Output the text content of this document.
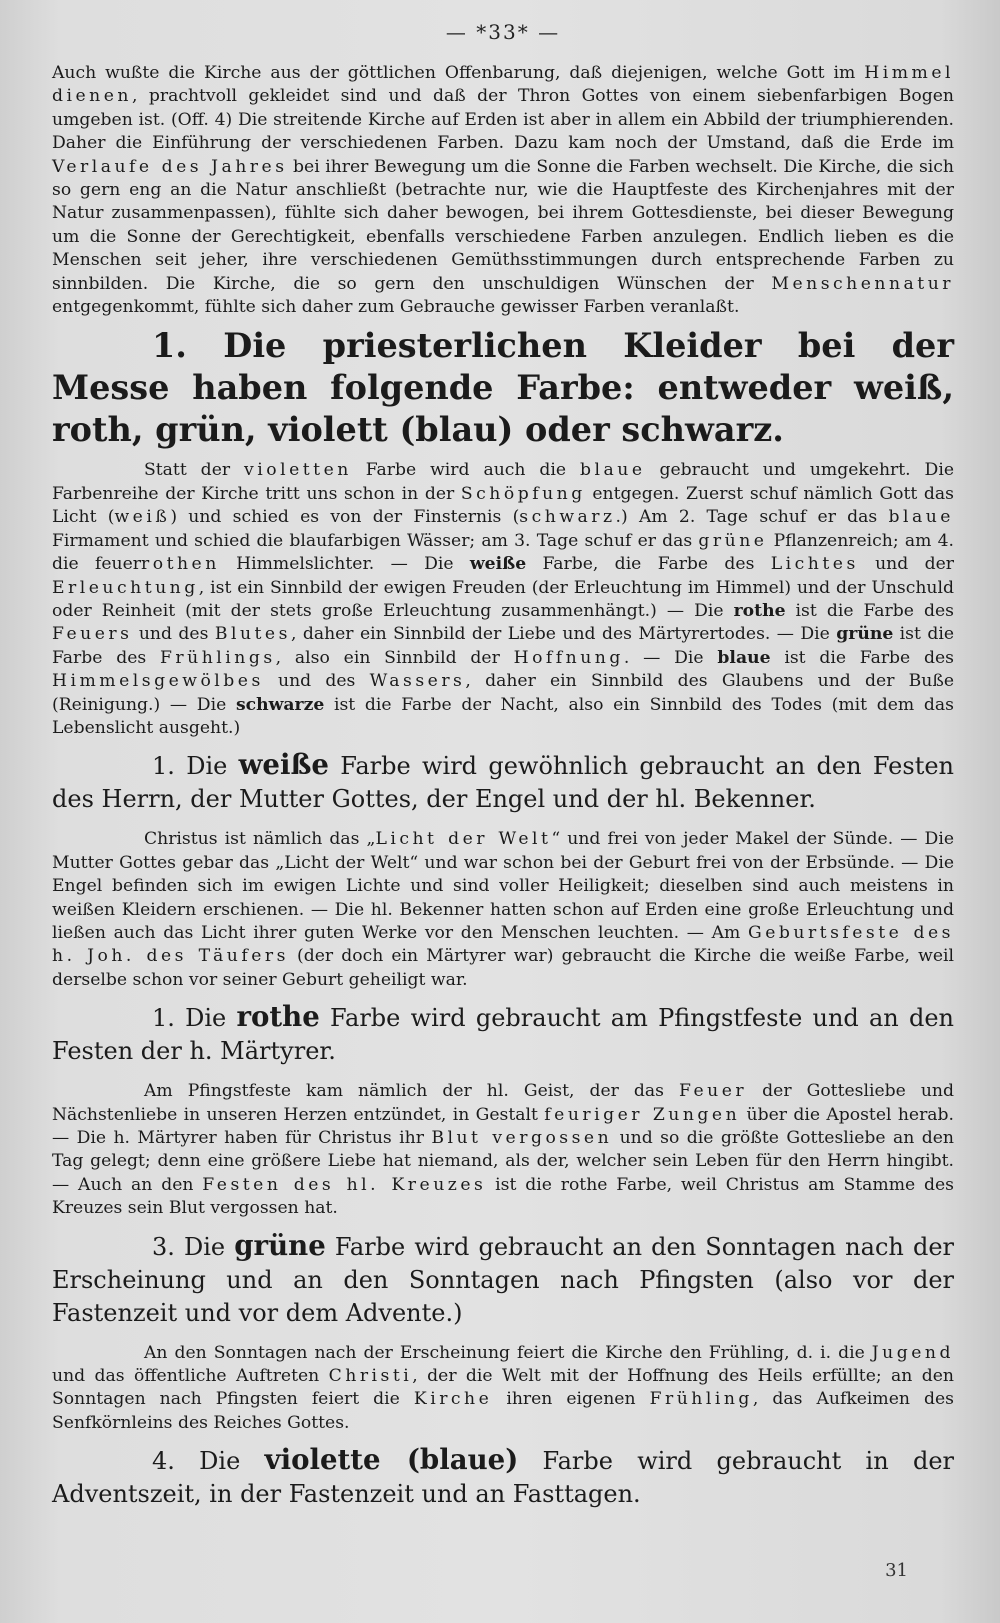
— *33* —

Auch wußte die Kirche aus der göttlichen Offenbarung, daß diejenigen, welche Gott im Himmel dienen, prachtvoll gekleidet sind und daß der Thron Gottes von einem siebenfarbigen Bogen umgeben ist. (Off. 4) Die streitende Kirche auf Erden ist aber in allem ein Abbild der triumphierenden. Daher die Einführung der verschiedenen Farben. Dazu kam noch der Umstand, daß die Erde im Verlaufe des Jahres bei ihrer Bewegung um die Sonne die Farben wechselt. Die Kirche, die sich so gern eng an die Natur anschließt (betrachte nur, wie die Hauptfeste des Kirchenjahres mit der Natur zusammenpassen), fühlte sich daher bewogen, bei ihrem Gottesdienste, bei dieser Bewegung um die Sonne der Gerechtigkeit, ebenfalls verschiedene Farben anzulegen. Endlich lieben es die Menschen seit jeher, ihre verschiedenen Gemüthsstimmungen durch entsprechende Farben zu sinnbilden. Die Kirche, die so gern den unschuldigen Wünschen der Menschennatur entgegenkommt, fühlte sich daher zum Gebrauche gewisser Farben veranlaßt.

1. Die priesterlichen Kleider bei der Messe haben folgende Farbe: entweder weiß, roth, grün, violett (blau) oder schwarz.

Statt der violetten Farbe wird auch die blaue gebraucht und umgekehrt. Die Farbenreihe der Kirche tritt uns schon in der Schöpfung entgegen. Zuerst schuf nämlich Gott das Licht (weiß) und schied es von der Finsternis (schwarz.) Am 2. Tage schuf er das blaue Firmament und schied die blaufarbigen Wässer; am 3. Tage schuf er das grüne Pflanzenreich; am 4. die feuerrothen Himmelslichter. — Die weiße Farbe, die Farbe des Lichtes und der Erleuchtung, ist ein Sinnbild der ewigen Freuden (der Erleuchtung im Himmel) und der Unschuld oder Reinheit (mit der stets große Erleuchtung zusammenhängt.) — Die rothe ist die Farbe des Feuers und des Blutes, daher ein Sinnbild der Liebe und des Märtyrertodes. — Die grüne ist die Farbe des Frühlings, also ein Sinnbild der Hoffnung. — Die blaue ist die Farbe des Himmelsgewölbes und des Wassers, daher ein Sinnbild des Glaubens und der Buße (Reinigung.) — Die schwarze ist die Farbe der Nacht, also ein Sinnbild des Todes (mit dem das Lebenslicht ausgeht.)

1. Die weiße Farbe wird gewöhnlich gebraucht an den Festen des Herrn, der Mutter Gottes, der Engel und der hl. Bekenner.

Christus ist nämlich das „Licht der Welt“ und frei von jeder Makel der Sünde. — Die Mutter Gottes gebar das „Licht der Welt“ und war schon bei der Geburt frei von der Erbsünde. — Die Engel befinden sich im ewigen Lichte und sind voller Heiligkeit; dieselben sind auch meistens in weißen Kleidern erschienen. — Die hl. Bekenner hatten schon auf Erden eine große Erleuchtung und ließen auch das Licht ihrer guten Werke vor den Menschen leuchten. — Am Geburtsfeste des h. Joh. des Täufers (der doch ein Märtyrer war) gebraucht die Kirche die weiße Farbe, weil derselbe schon vor seiner Geburt geheiligt war.

1. Die rothe Farbe wird gebraucht am Pfingstfeste und an den Festen der h. Märtyrer.

Am Pfingstfeste kam nämlich der hl. Geist, der das Feuer der Gottesliebe und Nächstenliebe in unseren Herzen entzündet, in Gestalt feuriger Zungen über die Apostel herab. — Die h. Märtyrer haben für Christus ihr Blut vergossen und so die größte Gottesliebe an den Tag gelegt; denn eine größere Liebe hat niemand, als der, welcher sein Leben für den Herrn hingibt. — Auch an den Festen des hl. Kreuzes ist die rothe Farbe, weil Christus am Stamme des Kreuzes sein Blut vergossen hat.

3. Die grüne Farbe wird gebraucht an den Sonntagen nach der Erscheinung und an den Sonntagen nach Pfingsten (also vor der Fastenzeit und vor dem Advente.)

An den Sonntagen nach der Erscheinung feiert die Kirche den Frühling, d. i. die Jugend und das öffentliche Auftreten Christi, der die Welt mit der Hoffnung des Heils erfüllte; an den Sonntagen nach Pfingsten feiert die Kirche ihren eigenen Frühling, das Aufkeimen des Senfkörnleins des Reiches Gottes.

4. Die violette (blaue) Farbe wird gebraucht in der Adventszeit, in der Fastenzeit und an Fasttagen.

31
